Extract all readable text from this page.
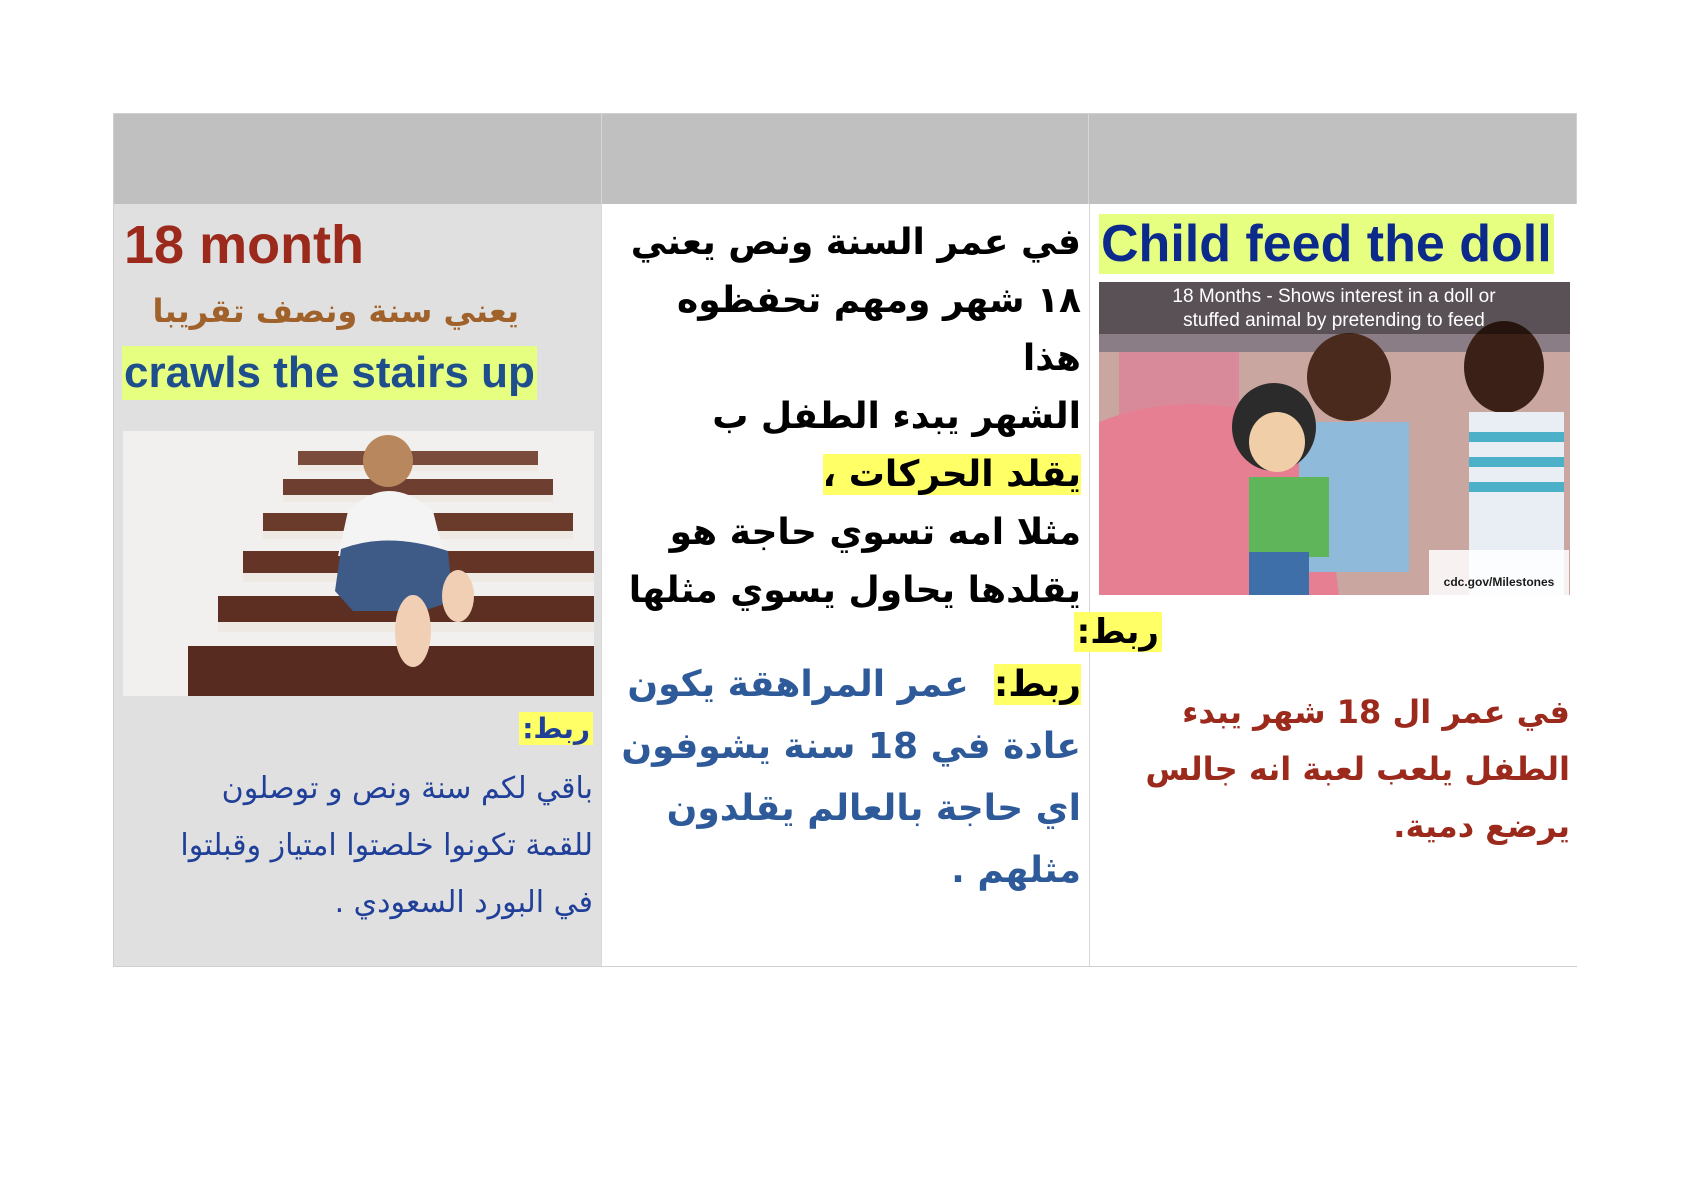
18 month
يعني سنة ونصف تقريبا
crawls the stairs up
ربط:
باقي لكم سنة ونص و توصلون
للقمة تكونوا خلصتوا امتياز وقبلتوا
في البورد السعودي .
في عمر السنة ونص يعني
١٨ شهر ومهم تحفظوه هذا
الشهر يبدء الطفل ب
يقلد الحركات ،
مثلا امه تسوي حاجة هو
يقلدها يحاول يسوي مثلها
ربط:  عمر المراهقة يكون
عادة في 18 سنة يشوفون
اي حاجة بالعالم يقلدون
مثلهم .
Child feed the doll
18 Months - Shows interest in a doll or
stuffed animal by pretending to feed
cdc.gov/Milestones
ربط:
في عمر ال 18 شهر يبدء
الطفل يلعب لعبة انه جالس
يرضع دمية.
